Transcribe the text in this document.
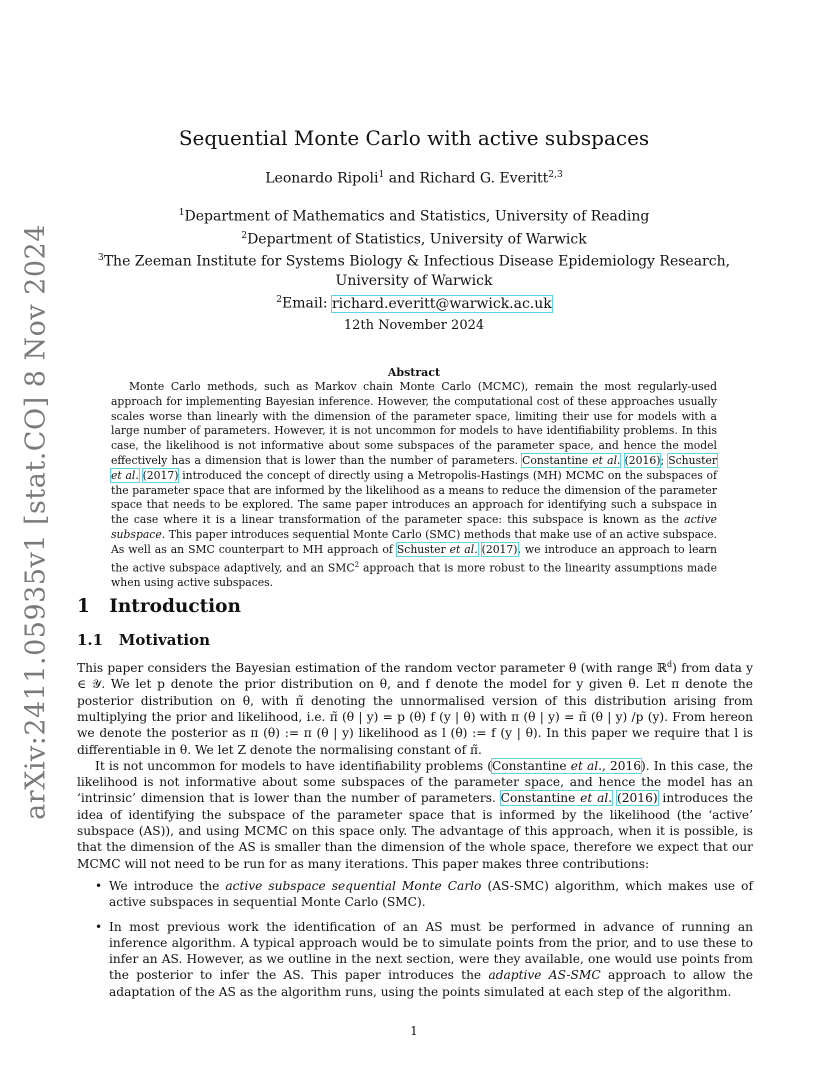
arXiv:2411.05935v1 [stat.CO] 8 Nov 2024
Sequential Monte Carlo with active subspaces
Leonardo Ripoli$^1$ and Richard G. Everitt$^{2,3}$
$^1$Department of Mathematics and Statistics, University of Reading
$^2$Department of Statistics, University of Warwick
$^3$The Zeeman Institute for Systems Biology & Infectious Disease Epidemiology Research,
University of Warwick
$^2$Email: richard.everitt@warwick.ac.uk
12th November 2024
Abstract

Monte Carlo methods, such as Markov chain Monte Carlo (MCMC), remain the most regularly-used approach for implementing Bayesian inference. However, the computational cost of these approaches usually scales worse than linearly with the dimension of the parameter space, limiting their use for models with a large number of parameters. However, it is not uncommon for models to have identifiability problems. In this case, the likelihood is not informative about some subspaces of the parameter space, and hence the model effectively has a dimension that is lower than the number of parameters. Constantine et al. (2016); Schuster et al. (2017) introduced the concept of directly using a Metropolis-Hastings (MH) MCMC on the subspaces of the parameter space that are informed by the likelihood as a means to reduce the dimension of the parameter space that needs to be explored. The same paper introduces an approach for identifying such a subspace in the case where it is a linear transformation of the parameter space: this subspace is known as the active subspace. This paper introduces sequential Monte Carlo (SMC) methods that make use of an active subspace. As well as an SMC counterpart to MH approach of Schuster et al. (2017), we introduce an approach to learn the active subspace adaptively, and an SMC$^2$ approach that is more robust to the linearity assumptions made when using active subspaces.

1 Introduction
1.1 Motivation

This paper considers the Bayesian estimation of the random vector parameter θ (with range ℝ$^d$) from data y ∈ 𝒴. We let p denote the prior distribution on θ, and f denote the model for y given θ. Let π denote the posterior distribution on θ, with π̃ denoting the unnormalised version of this distribution arising from multiplying the prior and likelihood, i.e. π̃ (θ | y) = p (θ) f (y | θ) with π (θ | y) = π̃ (θ | y) /p (y). From hereon we denote the posterior as π (θ) := π (θ | y) likelihood as l (θ) := f (y | θ). In this paper we require that l is differentiable in θ. We let Z denote the normalising constant of π̃.

It is not uncommon for models to have identifiability problems (Constantine et al., 2016). In this case, the likelihood is not informative about some subspaces of the parameter space, and hence the model has an ‘intrinsic’ dimension that is lower than the number of parameters. Constantine et al. (2016) introduces the idea of identifying the subspace of the parameter space that is informed by the likelihood (the ‘active’ subspace (AS)), and using MCMC on this space only. The advantage of this approach, when it is possible, is that the dimension of the AS is smaller than the dimension of the whole space, therefore we expect that our MCMC will not need to be run for as many iterations. This paper makes three contributions:

• We introduce the active subspace sequential Monte Carlo (AS-SMC) algorithm, which makes use of active subspaces in sequential Monte Carlo (SMC).
• In most previous work the identification of an AS must be performed in advance of running an inference algorithm. A typical approach would be to simulate points from the prior, and to use these to infer an AS. However, as we outline in the next section, were they available, one would use points from the posterior to infer the AS. This paper introduces the adaptive AS-SMC approach to allow the adaptation of the AS as the algorithm runs, using the points simulated at each step of the algorithm.
1
